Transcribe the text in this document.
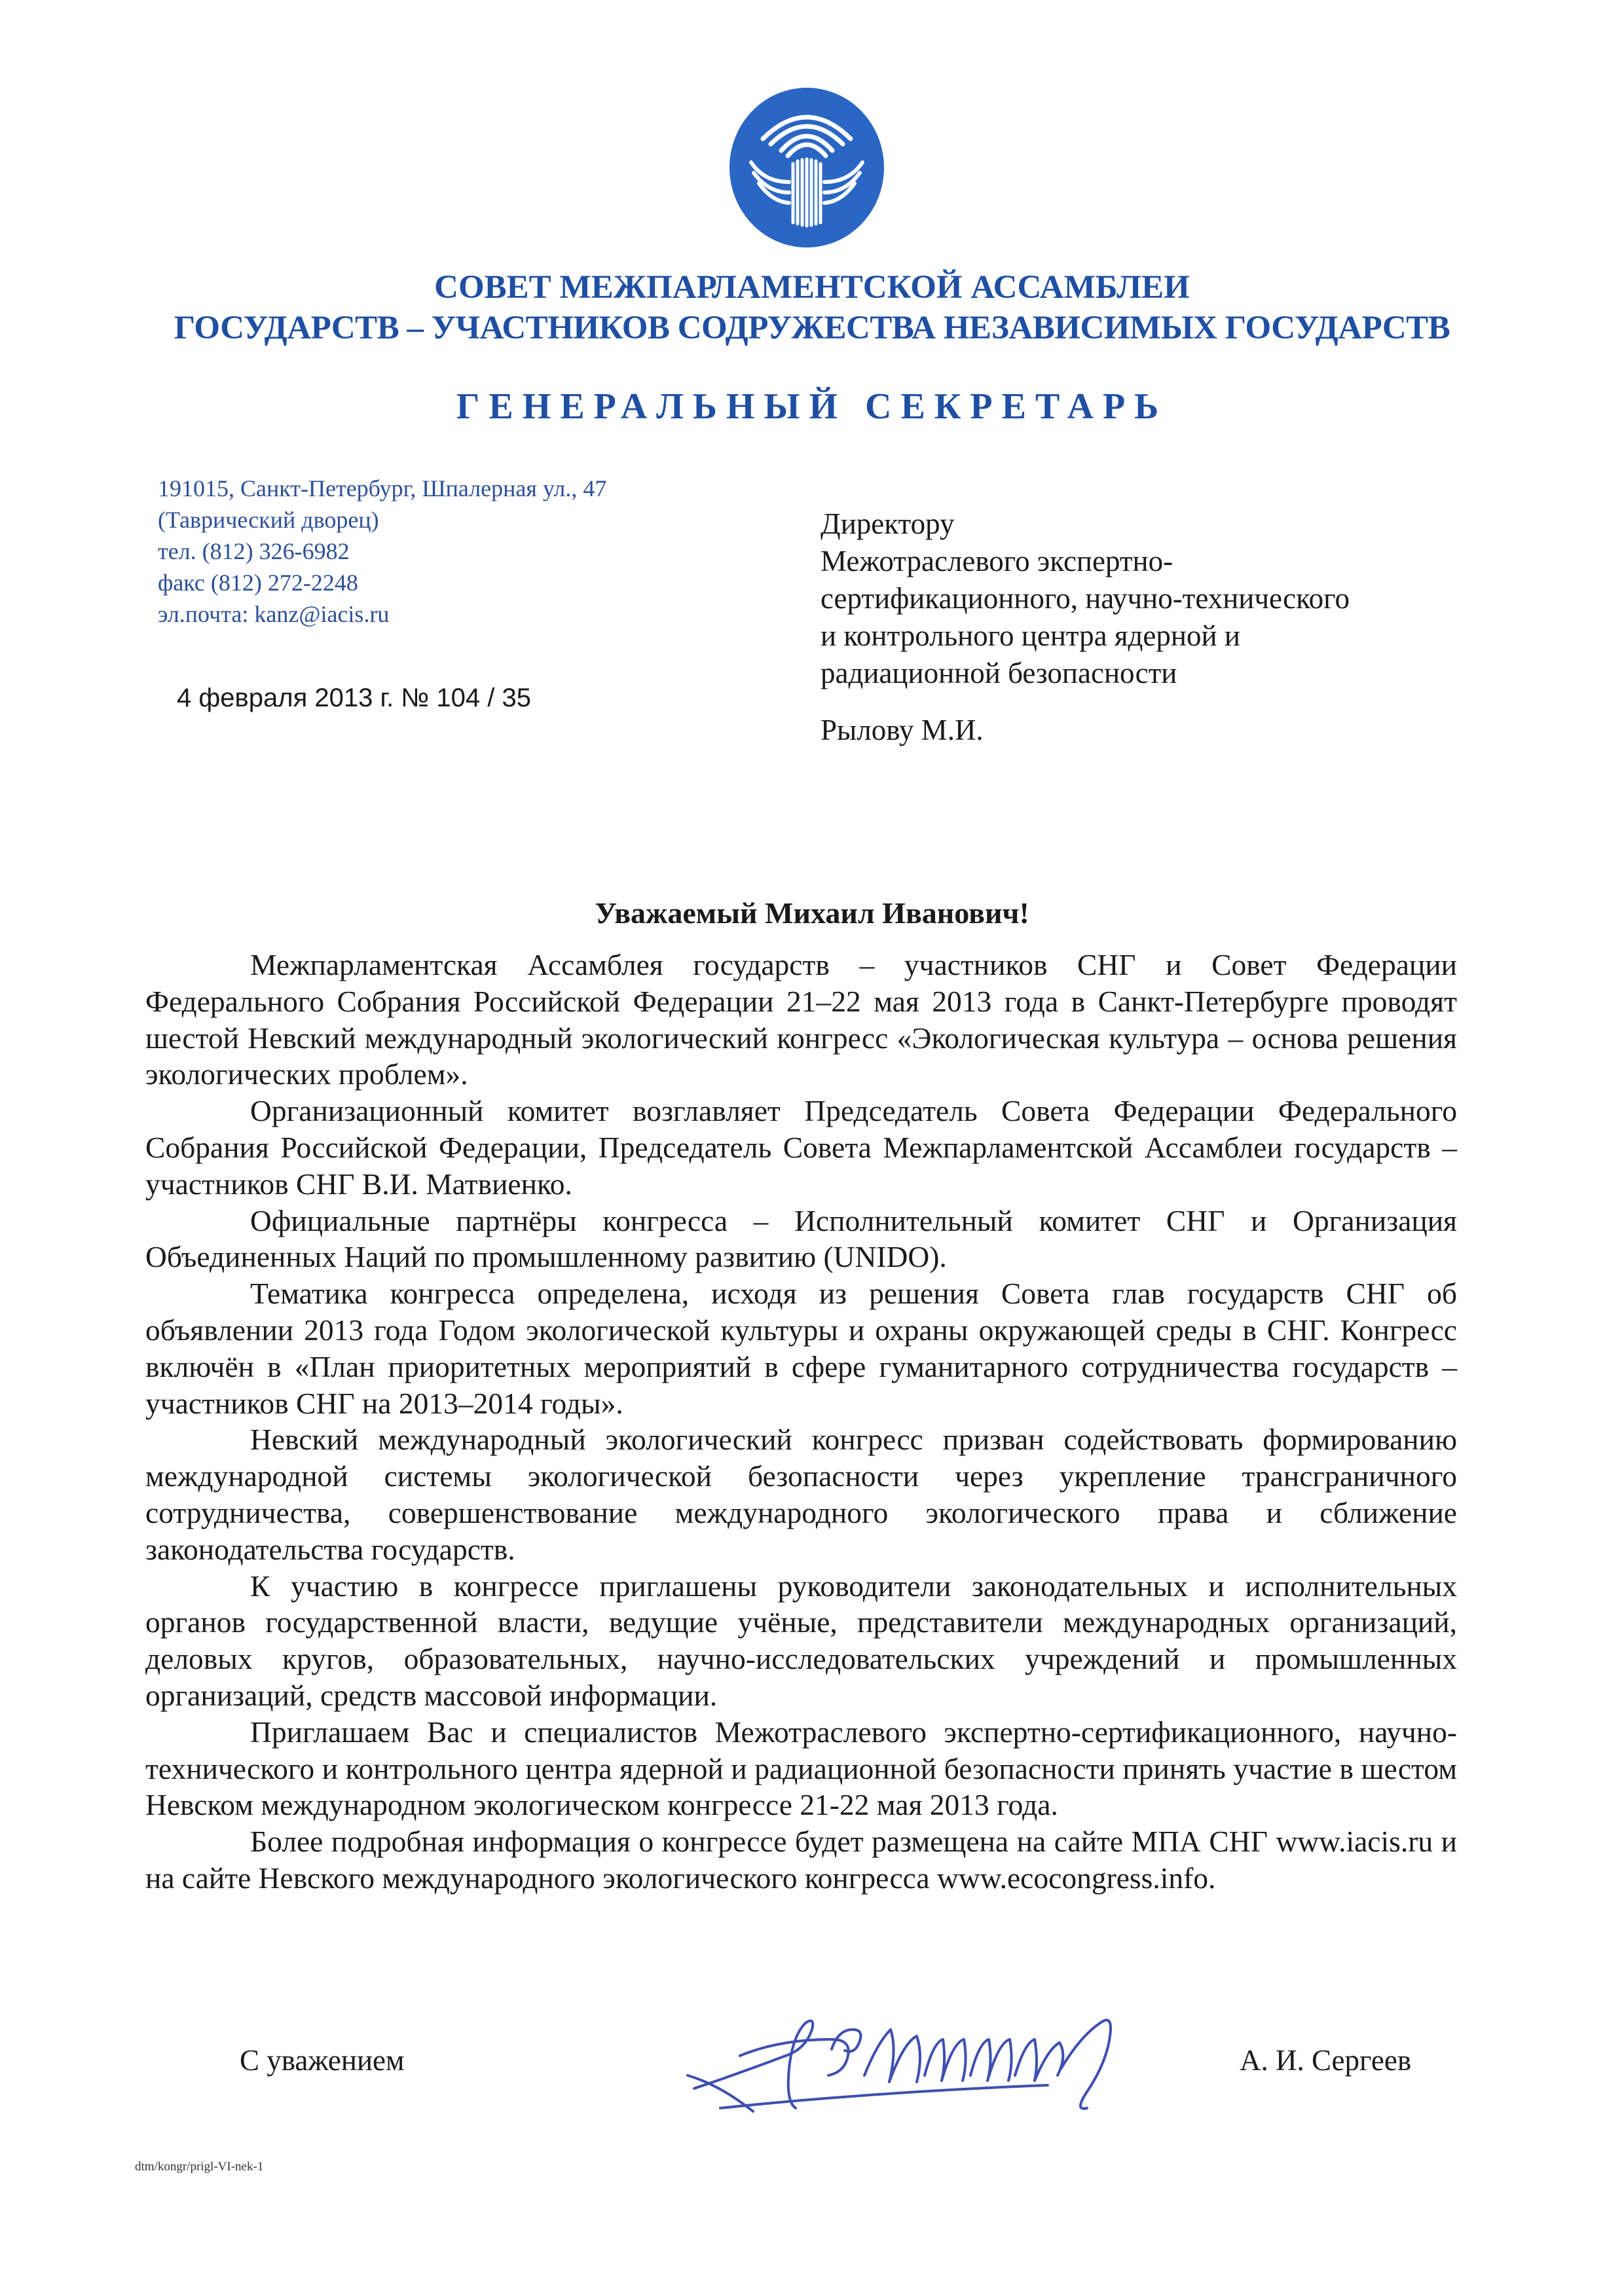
СОВЕТ МЕЖПАРЛАМЕНТСКОЙ АССАМБЛЕИ
ГОСУДАРСТВ – УЧАСТНИКОВ СОДРУЖЕСТВА НЕЗАВИСИМЫХ ГОСУДАРСТВ
ГЕНЕРАЛЬНЫЙ СЕКРЕТАРЬ
191015, Санкт-Петербург, Шпалерная ул., 47
(Таврический дворец)
тел. (812) 326-6982
факс (812) 272-2248
эл.почта: kanz@iacis.ru
4 февраля 2013 г. № 104 / 35
Директору
Межотраслевого экспертно-
сертификационного, научно-технического
и контрольного центра ядерной и
радиационной безопасности
Рылову М.И.
Уважаемый Михаил Иванович!

Межпарламентская Ассамблея государств – участников СНГ и Совет Федерации Федерального Собрания Российской Федерации 21–22 мая 2013 года в Санкт-Петербурге проводят шестой Невский международный экологический конгресс «Экологическая культура – основа решения экологических проблем».

Организационный комитет возглавляет Председатель Совета Федерации Федерального Собрания Российской Федерации, Председатель Совета Межпарламентской Ассамблеи государств – участников СНГ В.И. Матвиенко.

Официальные партнёры конгресса – Исполнительный комитет СНГ и Организация Объединенных Наций по промышленному развитию (UNIDO).

Тематика конгресса определена, исходя из решения Совета глав государств СНГ об объявлении 2013 года Годом экологической культуры и охраны окружающей среды в СНГ. Конгресс включён в «План приоритетных мероприятий в сфере гуманитарного сотрудничества государств – участников СНГ на 2013–2014 годы».

Невский международный экологический конгресс призван содействовать формированию международной системы экологической безопасности через укрепление трансграничного сотрудничества, совершенствование международного экологического права и сближение законодательства государств.

К участию в конгрессе приглашены руководители законодательных и исполнительных органов государственной власти, ведущие учёные, представители международных организаций, деловых кругов, образовательных, научно-исследовательских учреждений и промышленных организаций, средств массовой информации.

Приглашаем Вас и специалистов Межотраслевого экспертно-сертификационного, научно-технического и контрольного центра ядерной и радиационной безопасности принять участие в шестом Невском международном экологическом конгрессе 21-22 мая 2013 года.

Более подробная информация о конгрессе будет размещена на сайте МПА СНГ www.iacis.ru и на сайте Невского международного экологического конгресса www.ecocongress.info.

С уважением	А. И. Сергеев
dtm/kongr/prigl-VI-nek-1
